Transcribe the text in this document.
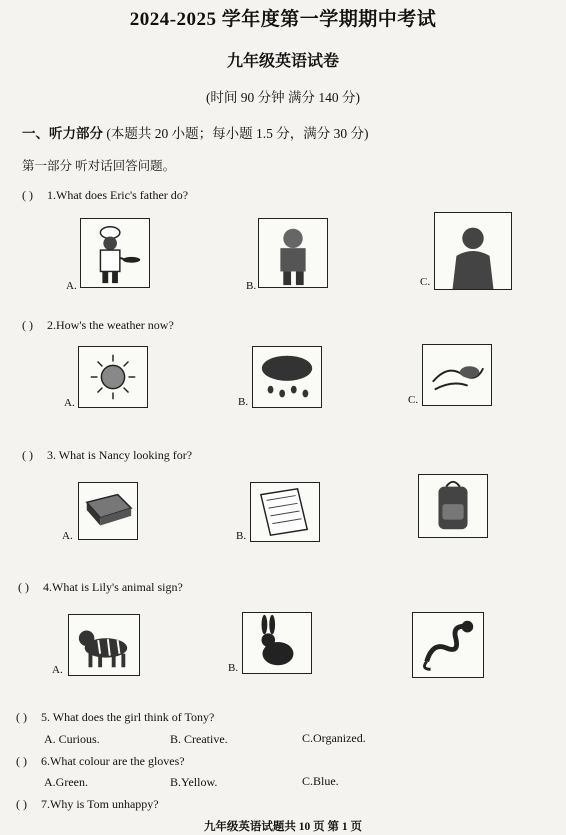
2024-2025 学年度第一学期期中考试
九年级英语试卷
(时间 90 分钟 满分 140 分)
一、听力部分 (本题共 20 小题；每小题 1.5 分，满分 30 分)
第一部分 听对话回答问题。
( ) 1.What does Eric's father do?
A.	B.	C.
( ) 2.How's the weather now?
A.	B.	C.
( ) 3. What is Nancy looking for?
A.	B.
( ) 4.What is Lily's animal sign?
A.	B.
( ) 5. What does the girl think of Tony?
A. Curious.	B. Creative.	C.Organized.
( ) 6.What colour are the gloves?
A.Green.	B.Yellow.	C.Blue.
( ) 7.Why is Tom unhappy?
九年级英语试题共 10 页 第 1 页
